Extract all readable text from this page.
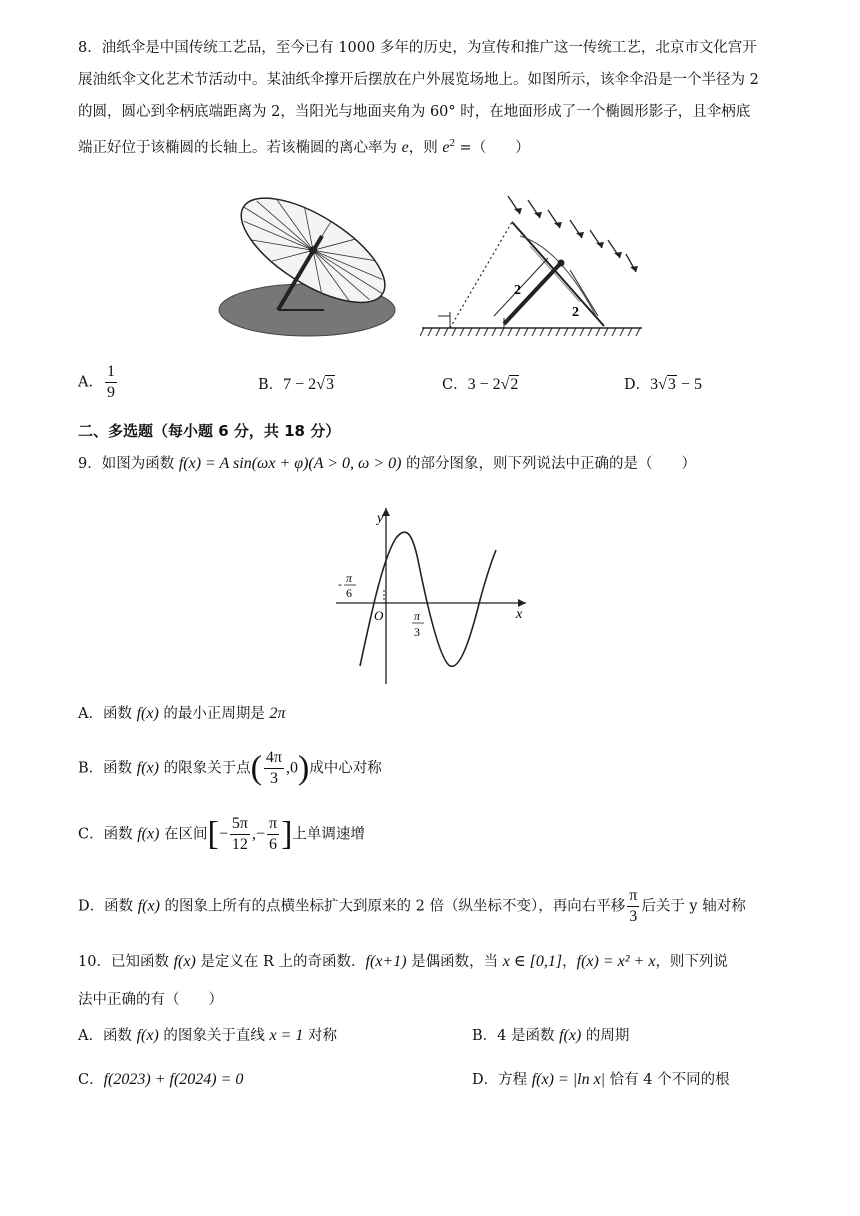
8．油纸伞是中国传统工艺品，至今已有 1000 多年的历史，为宣传和推广这一传统工艺，北京市文化宫开
展油纸伞文化艺术节活动中。某油纸伞撑开后摆放在户外展览场地上。如图所示，该伞伞沿是一个半径为 2
的圆，圆心到伞柄底端距离为 2，当阳光与地面夹角为 60° 时，在地面形成了一个椭圆形影子，且伞柄底
端正好位于该椭圆的长轴上。若该椭圆的离心率为 e，则 $e^2$ =（　　）
2
2
A． $\frac{1}{9}$	B．7 − 2√3	C．3 − 2√2	D．3√3 − 5
二、多选题（每小题 6 分，共 18 分）
9．如图为函数 f(x) = A sin(ωx + φ)(A > 0, ω > 0) 的部分图象，则下列说法中正确的是（　　）
y
x
O
- π
6
π
3
A．函数 f(x) 的最小正周期是 2π
B．函数 f(x) 的限象关于点( $\frac{4\pi}{3} ,0$)成中心对称
C．函数 f(x) 在区间[− $\frac{5\pi}{12}$ ,− $\frac{\pi}{6}$ ]上单调速增
D．函数 f(x) 的图象上所有的点横坐标扩大到原来的 2 倍（纵坐标不变），再向右平移 $\frac{\pi}{3}$ 后关于 y 轴对称
10．已知函数 f(x) 是定义在 R 上的奇函数．f(x+1) 是偶函数，当 x ∈ [0,1]，f(x) = x² + x，则下列说
法中正确的有（　　）
A．函数 f(x) 的图象关于直线 x = 1 对称	B．4 是函数 f(x) 的周期
C．f(2023) + f(2024) = 0	D．方程 f(x) = |ln x| 恰有 4 个不同的根
